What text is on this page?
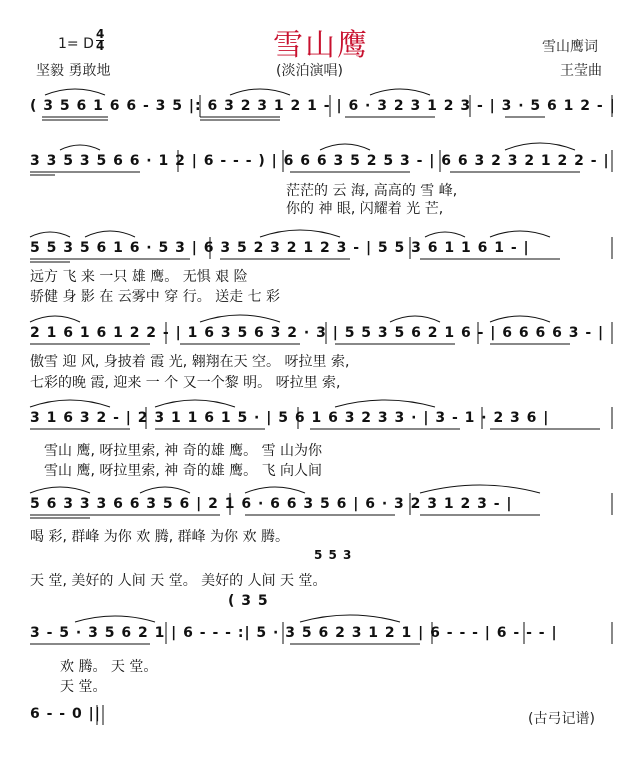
雪山鹰
1= D
4
4
坚毅 勇敢地	(淡泊演唱)
雪山鹰词
王莹曲
( 3 5 6 1 6 6 - 3 5 |: 6 3 2 3 1 2 1 - | 6 · 3 2 3 1 2 3 - | 3 · 5 6 1 2 - |
3 3 5 3 5 6 6 · 1 2 | 6 - - - ) | 6 6 6 3 5 2 5 3 - | 6 6 3 2 3 2 1 2 2 - |
茫茫的 云 海, 高高的 雪 峰,
你的 神 眼, 闪耀着 光 芒,
5 5 3 5 6 1 6 · 5 3 | 6 3 5 2 3 2 1 2 3 - | 5 5 3 6 1 1 6 1 - |
远方 飞 来 一只 雄 鹰。 无惧 艰 险
骄健 身 影 在 云雾中 穿 行。 送走 七 彩
2 1 6 1 6 1 2 2 - | 1 6 3 5 6 3 2 · 3 | 5 5 3 5 6 2 1 6 - | 6 6 6 6 3 - |
傲雪 迎 风, 身披着 霞 光, 翱翔在天 空。 呀拉里 索,
七彩的晚 霞, 迎来 一 个 又一个黎 明。 呀拉里 索,
3 1 6 3 2 - | 2 3 1 1 6 1 5 · | 5 6 1 6 3 2 3 3 · | 3 - 1 · 2 3 6 |
雪山 鹰, 呀拉里索, 神 奇的雄 鹰。 雪 山为你
雪山 鹰, 呀拉里索, 神 奇的雄 鹰。 飞 向人间
5 6 3 3 3 6 6 3 5 6 | 2 1 6 · 6 6 3 5 6 | 6 · 3 2 3 1 2 3 - |
喝 彩, 群峰 为你 欢 腾, 群峰 为你 欢 腾。
5 5 3
天 堂, 美好的 人间 天 堂。 美好的 人间 天 堂。
( 3 5
3 - 5 · 3 5 6 2 1 | 6 - - - :| 5 · 3 5 6 2 3 1 2 1 | 6 - - - | 6 - - - |
欢 腾。 天 堂。
天 堂。
6 - - 0 ||	(古弓记谱)
